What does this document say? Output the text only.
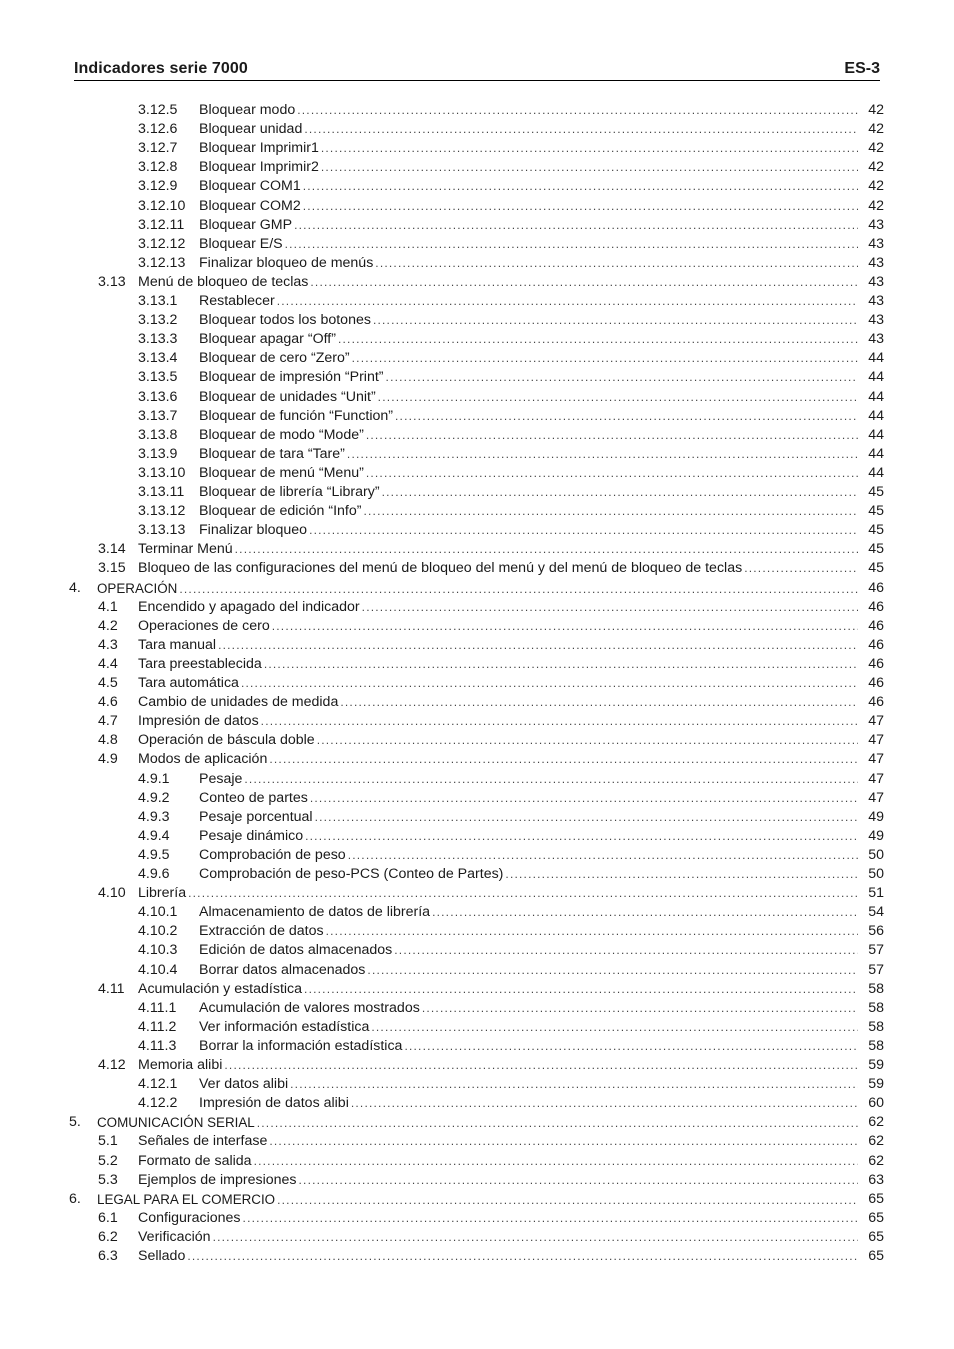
Indicadores serie 7000	ES-3
3.12.5 Bloquear modo .....	42
3.12.6 Bloquear unidad .....	42
3.12.7 Bloquear Imprimir1 .....	42
3.12.8 Bloquear Imprimir2 .....	42
3.12.9 Bloquear COM1 .....	42
3.12.10 Bloquear COM2 .....	42
3.12.11 Bloquear GMP .....	43
3.12.12 Bloquear E/S .....	43
3.12.13 Finalizar bloqueo de menús .....	43
3.13 Menú de bloqueo de teclas .....	43
3.13.1 Restablecer .....	43
3.13.2 Bloquear todos los botones .....	43
3.13.3 Bloquear apagar “Off” .....	43
3.13.4 Bloquear de cero “Zero” .....	44
3.13.5 Bloquear de impresión “Print” .....	44
3.13.6 Bloquear de unidades “Unit” .....	44
3.13.7 Bloquear de función “Function” .....	44
3.13.8 Bloquear de modo “Mode” .....	44
3.13.9 Bloquear de tara “Tare” .....	44
3.13.10 Bloquear de menú “Menu” .....	44
3.13.11 Bloquear de librería “Library” .....	45
3.13.12 Bloquear de edición “Info” .....	45
3.13.13 Finalizar bloqueo .....	45
3.14 Terminar Menú .....	45
3.15 Bloqueo de las configuraciones del menú de bloqueo del menú y del menú de bloqueo de teclas .....	45
4. OPERACIÓN .....	46
4.1 Encendido y apagado del indicador .....	46
4.2 Operaciones de cero .....	46
4.3 Tara manual .....	46
4.4 Tara preestablecida .....	46
4.5 Tara automática .....	46
4.6 Cambio de unidades de medida .....	46
4.7 Impresión de datos .....	47
4.8 Operación de báscula doble .....	47
4.9 Modos de aplicación .....	47
4.9.1 Pesaje .....	47
4.9.2 Conteo de partes .....	47
4.9.3 Pesaje porcentual .....	49
4.9.4 Pesaje dinámico .....	49
4.9.5 Comprobación de peso .....	50
4.9.6 Comprobación de peso-PCS (Conteo de Partes) .....	50
4.10 Librería .....	51
4.10.1 Almacenamiento de datos de librería .....	54
4.10.2 Extracción de datos .....	56
4.10.3 Edición de datos almacenados .....	57
4.10.4 Borrar datos almacenados .....	57
4.11 Acumulación y estadística .....	58
4.11.1 Acumulación de valores mostrados .....	58
4.11.2 Ver información estadística .....	58
4.11.3 Borrar la información estadística .....	58
4.12 Memoria alibi .....	59
4.12.1 Ver datos alibi .....	59
4.12.2 Impresión de datos alibi .....	60
5. COMUNICACIÓN SERIAL .....	62
5.1 Señales de interfase .....	62
5.2 Formato de salida .....	62
5.3 Ejemplos de impresiones .....	63
6. LEGAL PARA EL COMERCIO .....	65
6.1 Configuraciones .....	65
6.2 Verificación .....	65
6.3 Sellado .....	65
